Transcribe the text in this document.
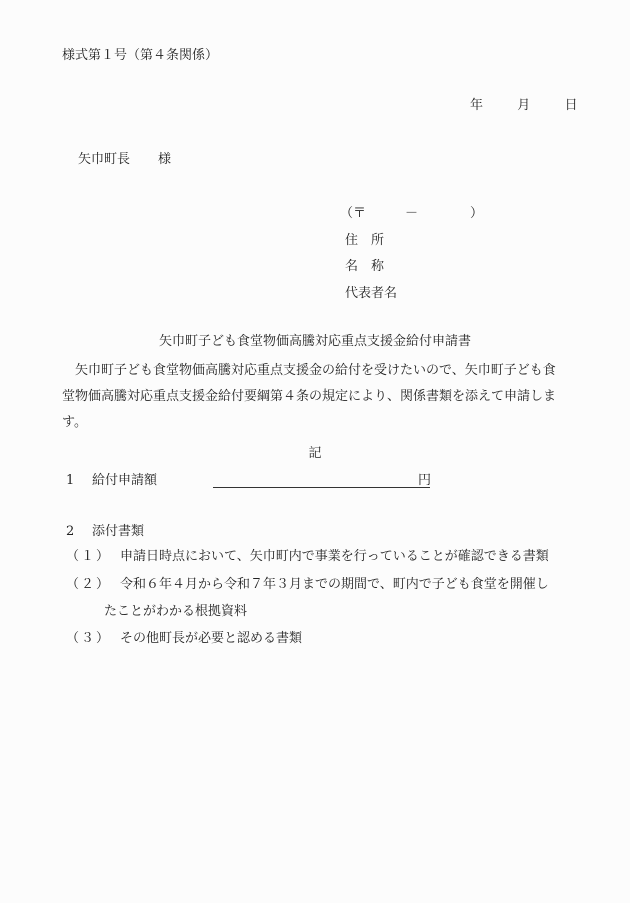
様式第１号（第４条関係）
年	月	日
矢巾町長 様
（〒	－	）
住　所
名　称
代表者名
矢巾町子ども食堂物価高騰対応重点支援金給付申請書
　矢巾町子ども食堂物価高騰対応重点支援金の給付を受けたいので、矢巾町子ども食
堂物価高騰対応重点支援金給付要綱第４条の規定により、関係書類を添えて申請しま
す。
記
1 給付申請額	円
2 添付書類
（１） 申請日時点において、矢巾町内で事業を行っていることが確認できる書類
（２） 令和６年４月から令和７年３月までの期間で、町内で子ども食堂を開催し
たことがわかる根拠資料
（３） その他町長が必要と認める書類
